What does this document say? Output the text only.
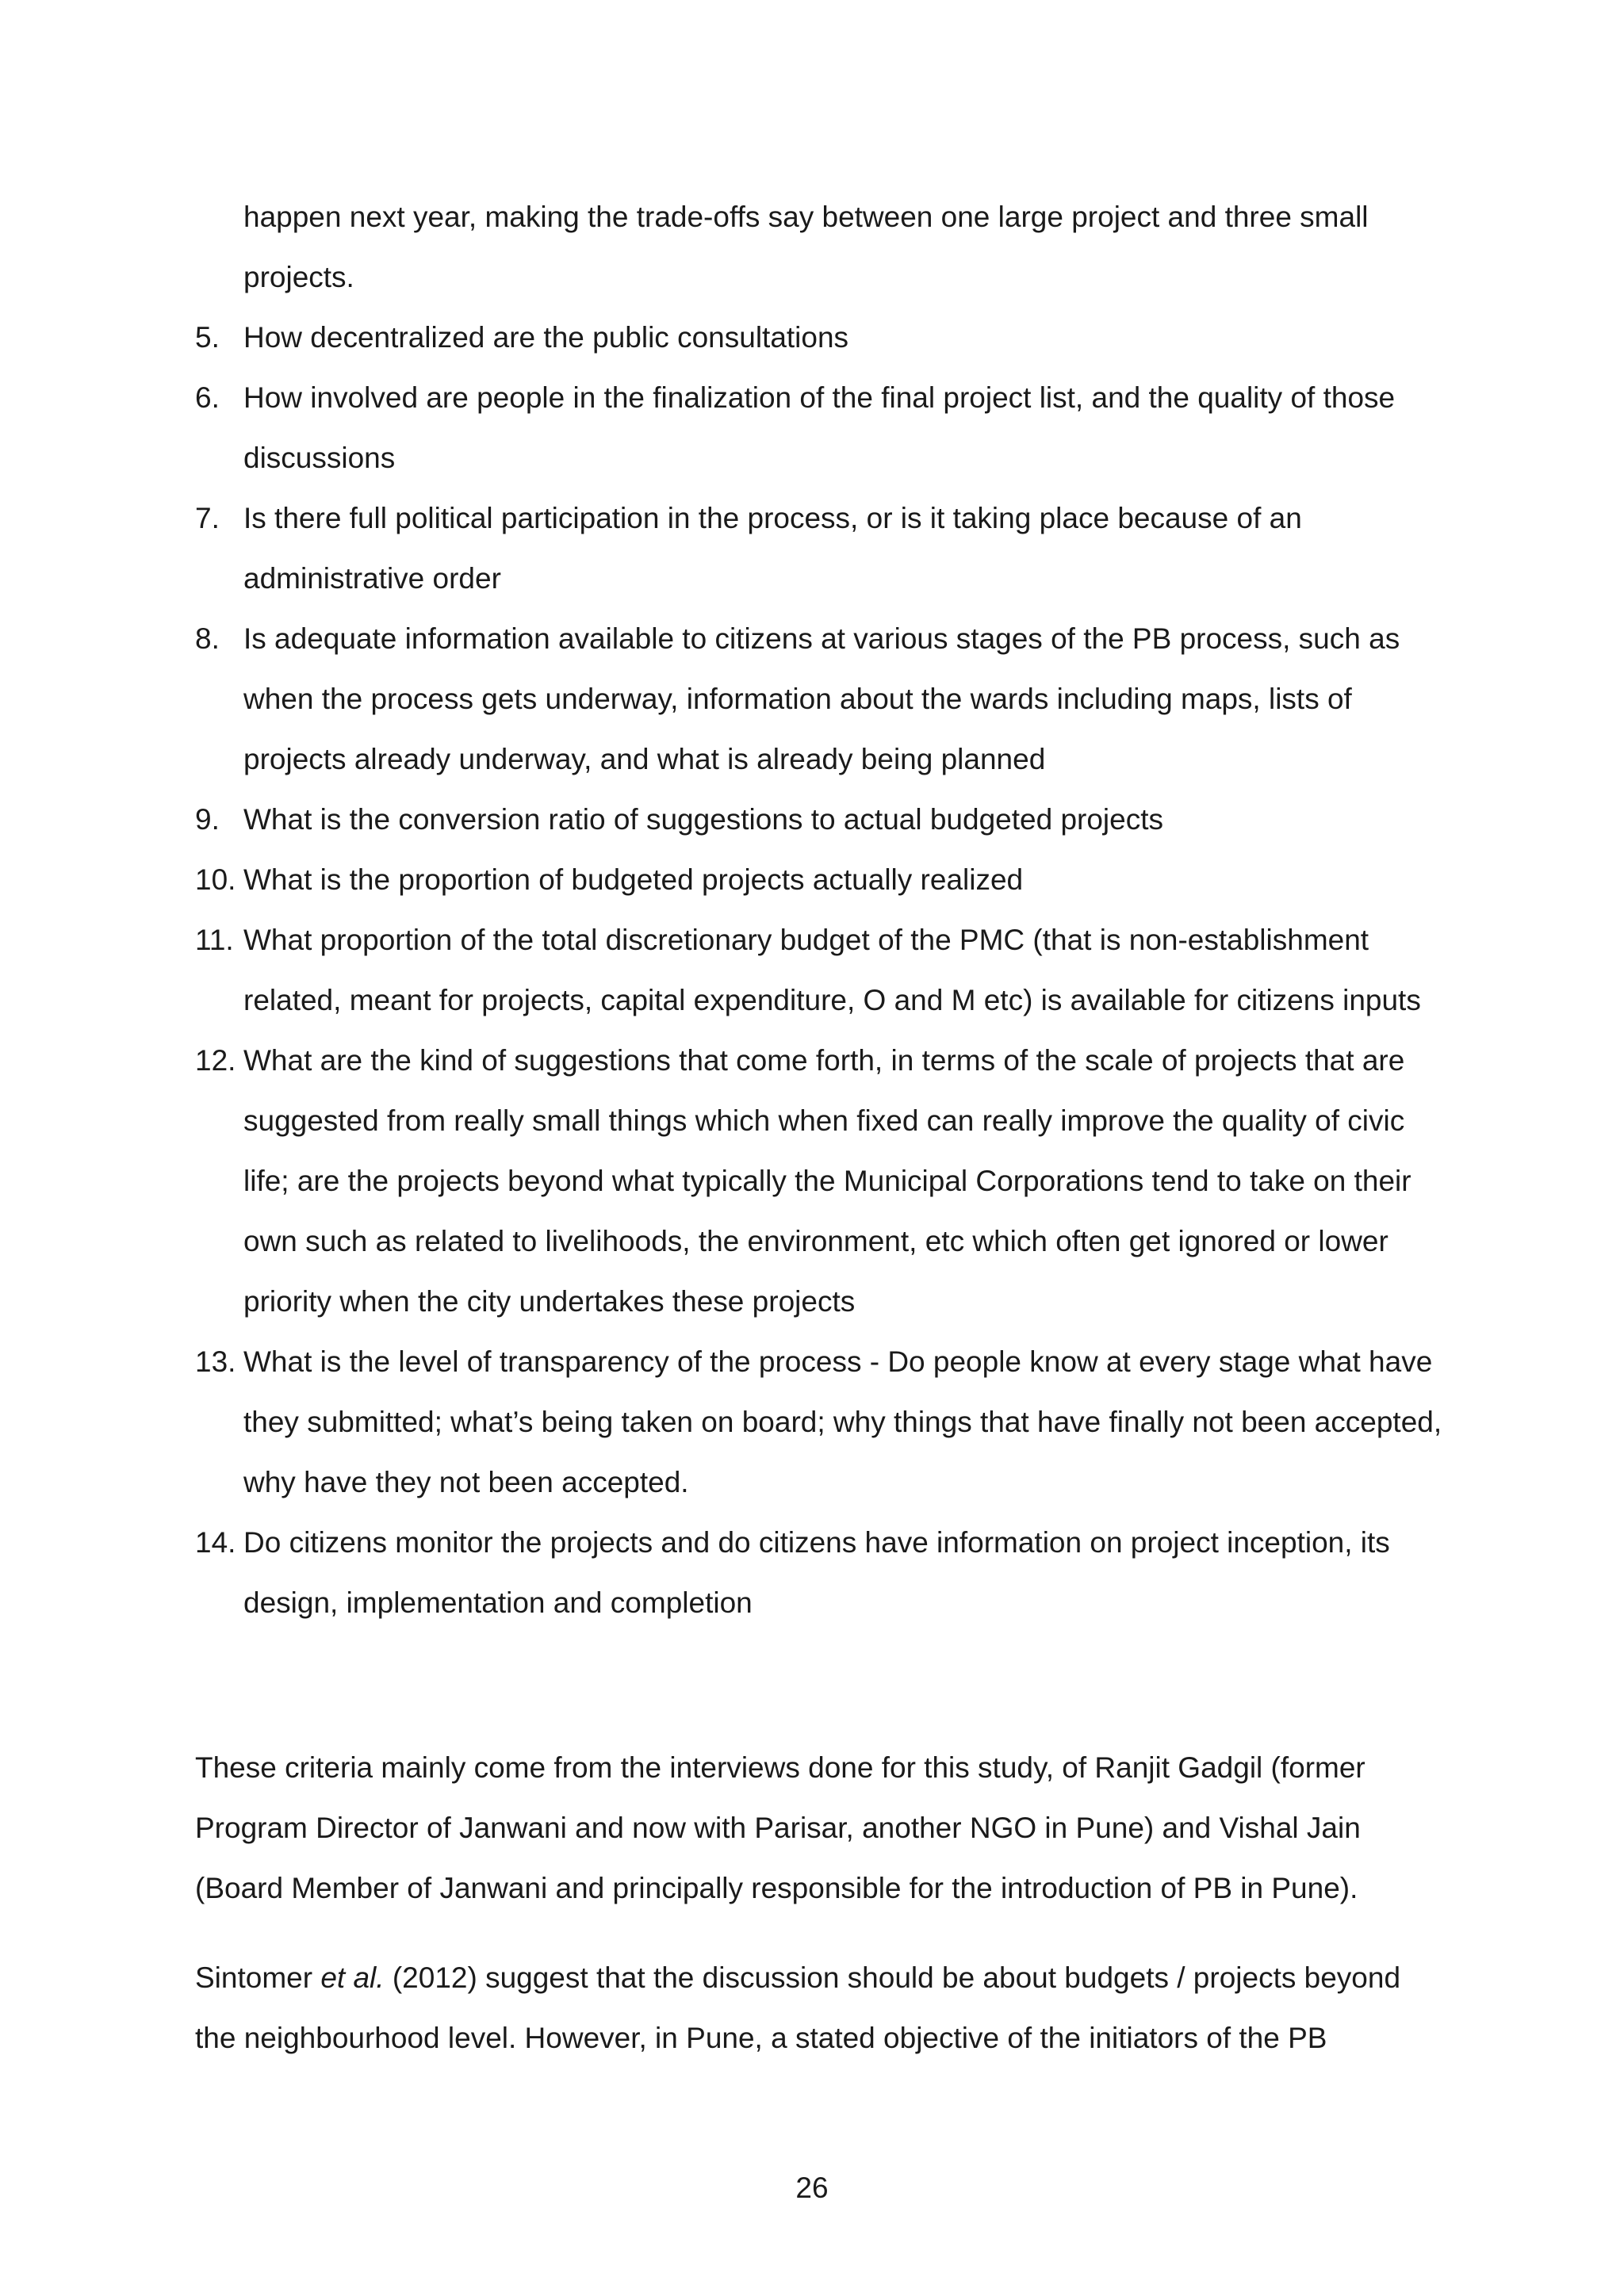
happen next year, making the trade-offs say between one large project and three small projects.

5. How decentralized are the public consultations
6. How involved are people in the finalization of the final project list, and the quality of those discussions
7. Is there full political participation in the process, or is it taking place because of an administrative order
8. Is adequate information available to citizens at various stages of the PB process, such as when the process gets underway, information about the wards including maps, lists of projects already underway, and what is already being planned
9. What is the conversion ratio of suggestions to actual budgeted projects
10. What is the proportion of budgeted projects actually realized
11. What proportion of the total discretionary budget of the PMC (that is non-establishment related, meant for projects, capital expenditure, O and M etc) is available for citizens inputs
12. What are the kind of suggestions that come forth, in terms of the scale of projects that are suggested from really small things which when fixed can really improve the quality of civic life; are the projects beyond what typically the Municipal Corporations tend to take on their own such as related to livelihoods, the environment, etc which often get ignored or lower priority when the city undertakes these projects
13. What is the level of transparency of the process - Do people know at every stage what have they submitted; what’s being taken on board; why things that have finally not been accepted, why have they not been accepted.
14. Do citizens monitor the projects and do citizens have information on project inception, its design, implementation and completion

These criteria mainly come from the interviews done for this study, of Ranjit Gadgil (former Program Director of Janwani and now with Parisar, another NGO in Pune) and Vishal Jain (Board Member of Janwani and principally responsible for the introduction of PB in Pune).

Sintomer et al. (2012) suggest that the discussion should be about budgets / projects beyond the neighbourhood level. However, in Pune, a stated objective of the initiators of the PB

26
